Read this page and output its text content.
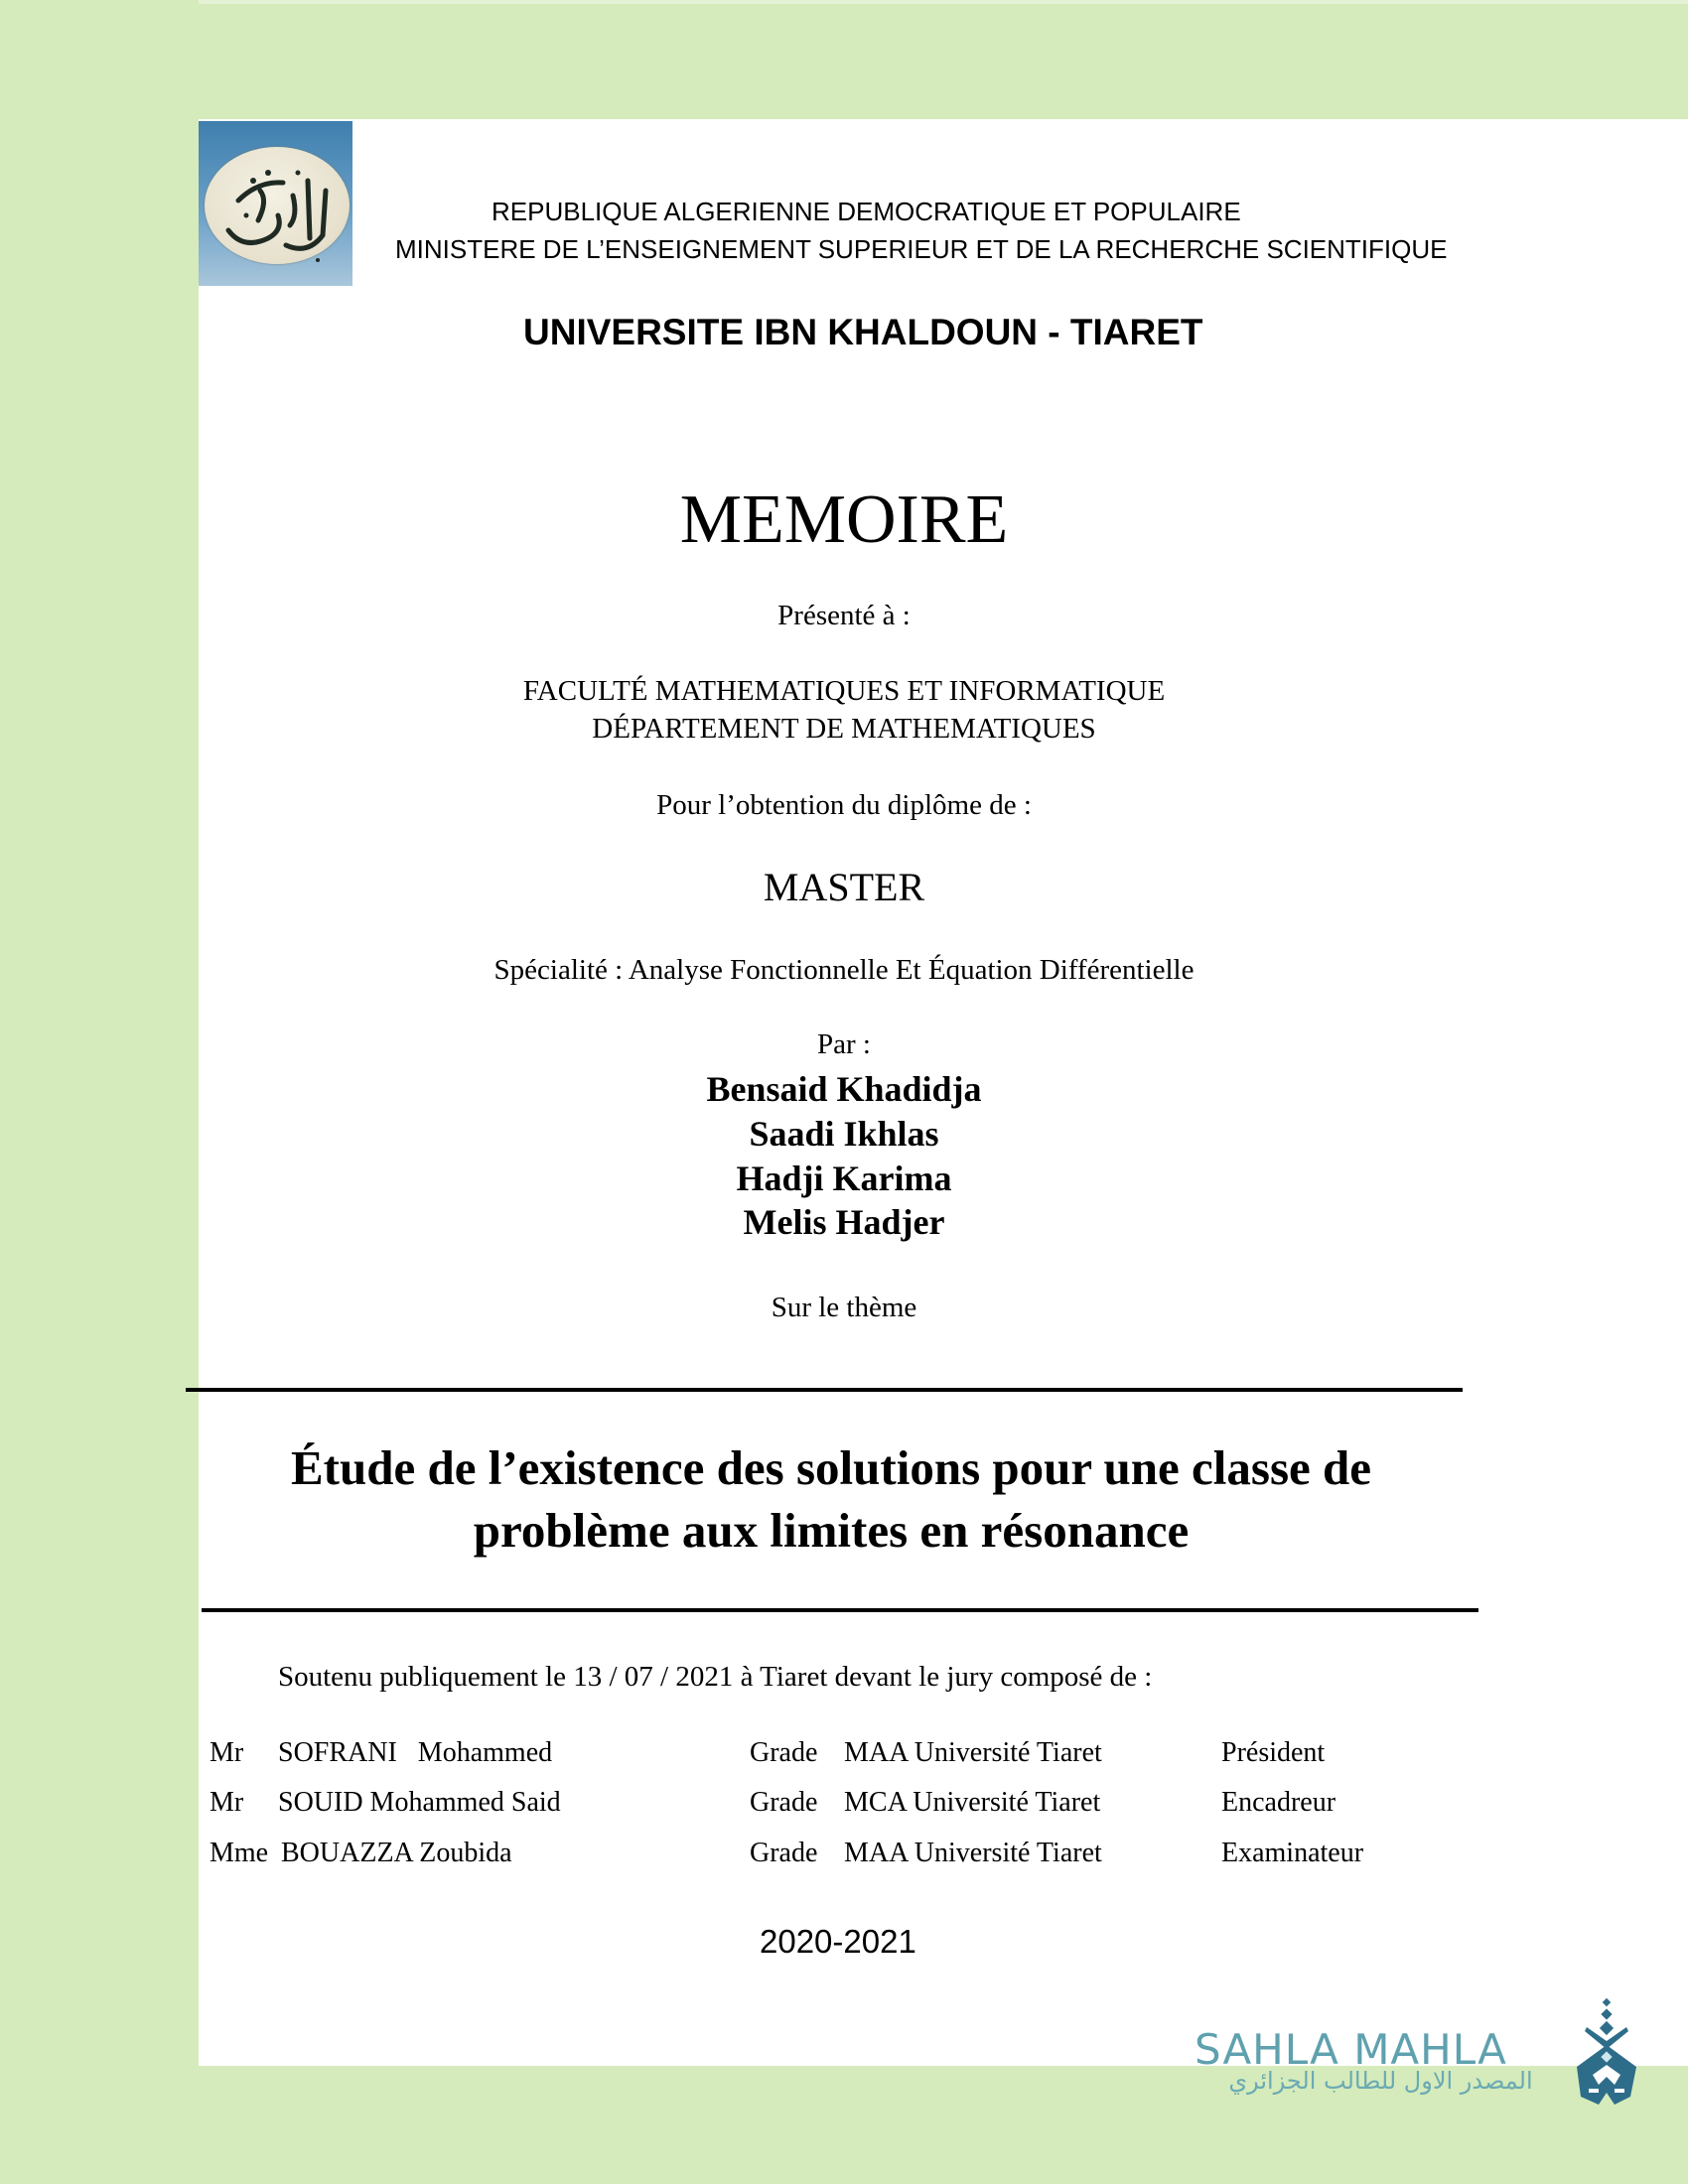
REPUBLIQUE ALGERIENNE DEMOCRATIQUE ET POPULAIRE
MINISTERE DE L’ENSEIGNEMENT SUPERIEUR ET DE LA RECHERCHE SCIENTIFIQUE
UNIVERSITE IBN KHALDOUN - TIARET
MEMOIRE
Présenté à :
FACULTÉ MATHEMATIQUES ET INFORMATIQUE
DÉPARTEMENT DE MATHEMATIQUES
Pour l’obtention du diplôme de :
MASTER
Spécialité : Analyse Fonctionnelle Et Équation Différentielle
Par :
Bensaid Khadidja
Saadi Ikhlas
Hadji Karima
Melis Hadjer
Sur le thème
Étude de l’existence des solutions pour une classe de
problème aux limites en résonance
Soutenu publiquement le 13 / 07 / 2021 à Tiaret devant le jury composé de :
Mr SOFRANI   Mohammed	Grade MAA Université Tiaret	Président
Mr SOUID Mohammed Said	Grade MCA Université Tiaret	Encadreur
Mme BOUAZZA Zoubida	Grade MAA Université Tiaret	Examinateur
2020-2021
SAHLA MAHLA
المصدر الاول للطالب الجزائري
